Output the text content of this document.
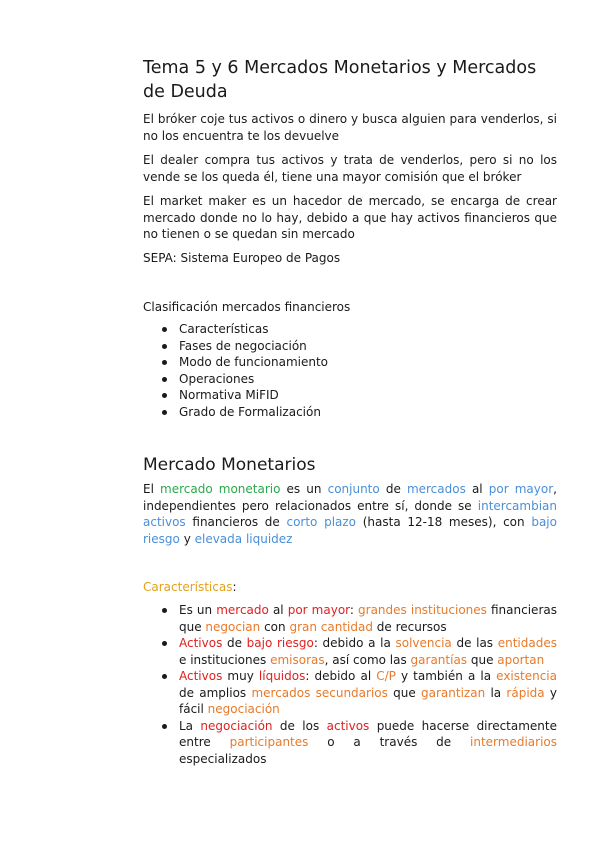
Tema 5 y 6 Mercados Monetarios y Mercados de Deuda

El bróker coje tus activos o dinero y busca alguien para venderlos, si no los encuentra te los devuelve

El dealer compra tus activos y trata de venderlos, pero si no los vende se los queda él, tiene una mayor comisión que el bróker

El market maker es un hacedor de mercado, se encarga de crear mercado donde no lo hay, debido a que hay activos financieros que no tienen o se quedan sin mercado

SEPA: Sistema Europeo de Pagos

Clasificación mercados financieros

Características
Fases de negociación
Modo de funcionamiento
Operaciones
Normativa MiFID
Grado de Formalización
Mercado Monetarios

El mercado monetario es un conjunto de mercados al por mayor, independientes pero relacionados entre sí, donde se intercambian activos financieros de corto plazo (hasta 12-18 meses), con bajo riesgo y elevada liquidez

Características:

Es un mercado al por mayor: grandes instituciones financieras que negocian con gran cantidad de recursos
Activos de bajo riesgo: debido a la solvencia de las entidades e instituciones emisoras, así como las garantías que aportan
Activos muy líquidos: debido al C/P y también a la existencia de amplios mercados secundarios que garantizan la rápida y fácil negociación
La negociación de los activos puede hacerse directamente entre participantes o a través de intermediarios especializados
